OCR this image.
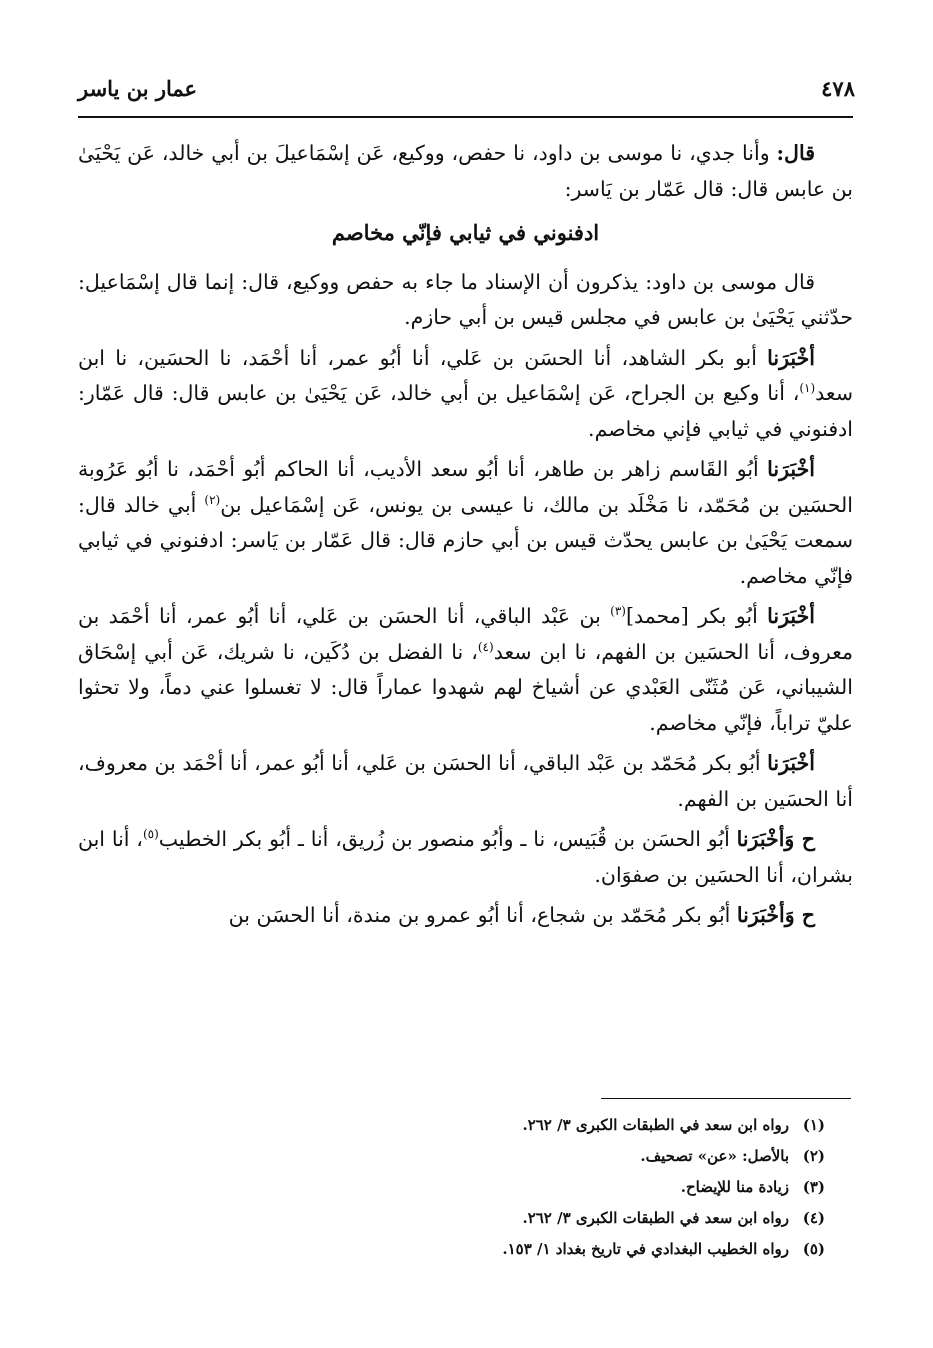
٤٧٨
عمار بن ياسر

قال: وأنا جدي، نا موسى بن داود، نا حفص، ووكيع، عَن إسْمَاعيلَ بن أبي خالد، عَن يَحْيَىٰ بن عابس قال: قال عَمّار بن يَاسر:

ادفنوني في ثيابي فإنّي مخاصم

قال موسى بن داود: يذكرون أن الإسناد ما جاء به حفص ووكيع، قال: إنما قال إسْمَاعيل: حدّثني يَحْيَىٰ بن عابس في مجلس قيس بن أبي حازم.

أخْبَرَنا أبو بكر الشاهد، أنا الحسَن بن عَلي، أنا أبُو عمر، أنا أحْمَد، نا الحسَين، نا ابن سعد$^{(١)}$، أنا وكيع بن الجراح، عَن إسْمَاعيل بن أبي خالد، عَن يَحْيَىٰ بن عابس قال: قال عَمّار: ادفنوني في ثيابي فإني مخاصم.

أخْبَرَنا أبُو القَاسم زاهر بن طاهر، أنا أبُو سعد الأديب، أنا الحاكم أبُو أحْمَد، نا أبُو عَرُوبة الحسَين بن مُحَمّد، نا مَخْلَد بن مالك، نا عيسى بن يونس، عَن إسْمَاعيل بن$^{(٢)}$ أبي خالد قال: سمعت يَحْيَىٰ بن عابس يحدّث قيس بن أبي حازم قال: قال عَمّار بن يَاسر: ادفنوني في ثيابي فإنّي مخاصم.

أخْبَرَنا أبُو بكر [محمد]$^{(٣)}$ بن عَبْد الباقي، أنا الحسَن بن عَلي، أنا أبُو عمر، أنا أحْمَد بن معروف، أنا الحسَين بن الفهم، نا ابن سعد$^{(٤)}$، نا الفضل بن دُكَين، نا شريك، عَن أبي إسْحَاق الشيباني، عَن مُثَنّى العَبْدي عن أشياخ لهم شهدوا عماراً قال: لا تغسلوا عني دماً، ولا تحثوا عليّ تراباً، فإنّي مخاصم.

أخْبَرَنا أبُو بكر مُحَمّد بن عَبْد الباقي، أنا الحسَن بن عَلي، أنا أبُو عمر، أنا أحْمَد بن معروف، أنا الحسَين بن الفهم.

ح وَأخْبَرَنا أبُو الحسَن بن قُبَيس، نا ـ وأبُو منصور بن زُريق، أنا ـ أبُو بكر الخطيب$^{(٥)}$، أنا ابن بشران، أنا الحسَين بن صفوَان.

ح وَأخْبَرَنا أبُو بكر مُحَمّد بن شجاع، أنا أبُو عمرو بن مندة، أنا الحسَن بن

(١)
رواه ابن سعد في الطبقات الكبرى ٣/ ٢٦٢.
(٢)
بالأصل: «عن» تصحيف.
(٣)
زيادة منا للإيضاح.
(٤)
رواه ابن سعد في الطبقات الكبرى ٣/ ٢٦٢.
(٥)
رواه الخطيب البغدادي في تاريخ بغداد ١/ ١٥٣.
